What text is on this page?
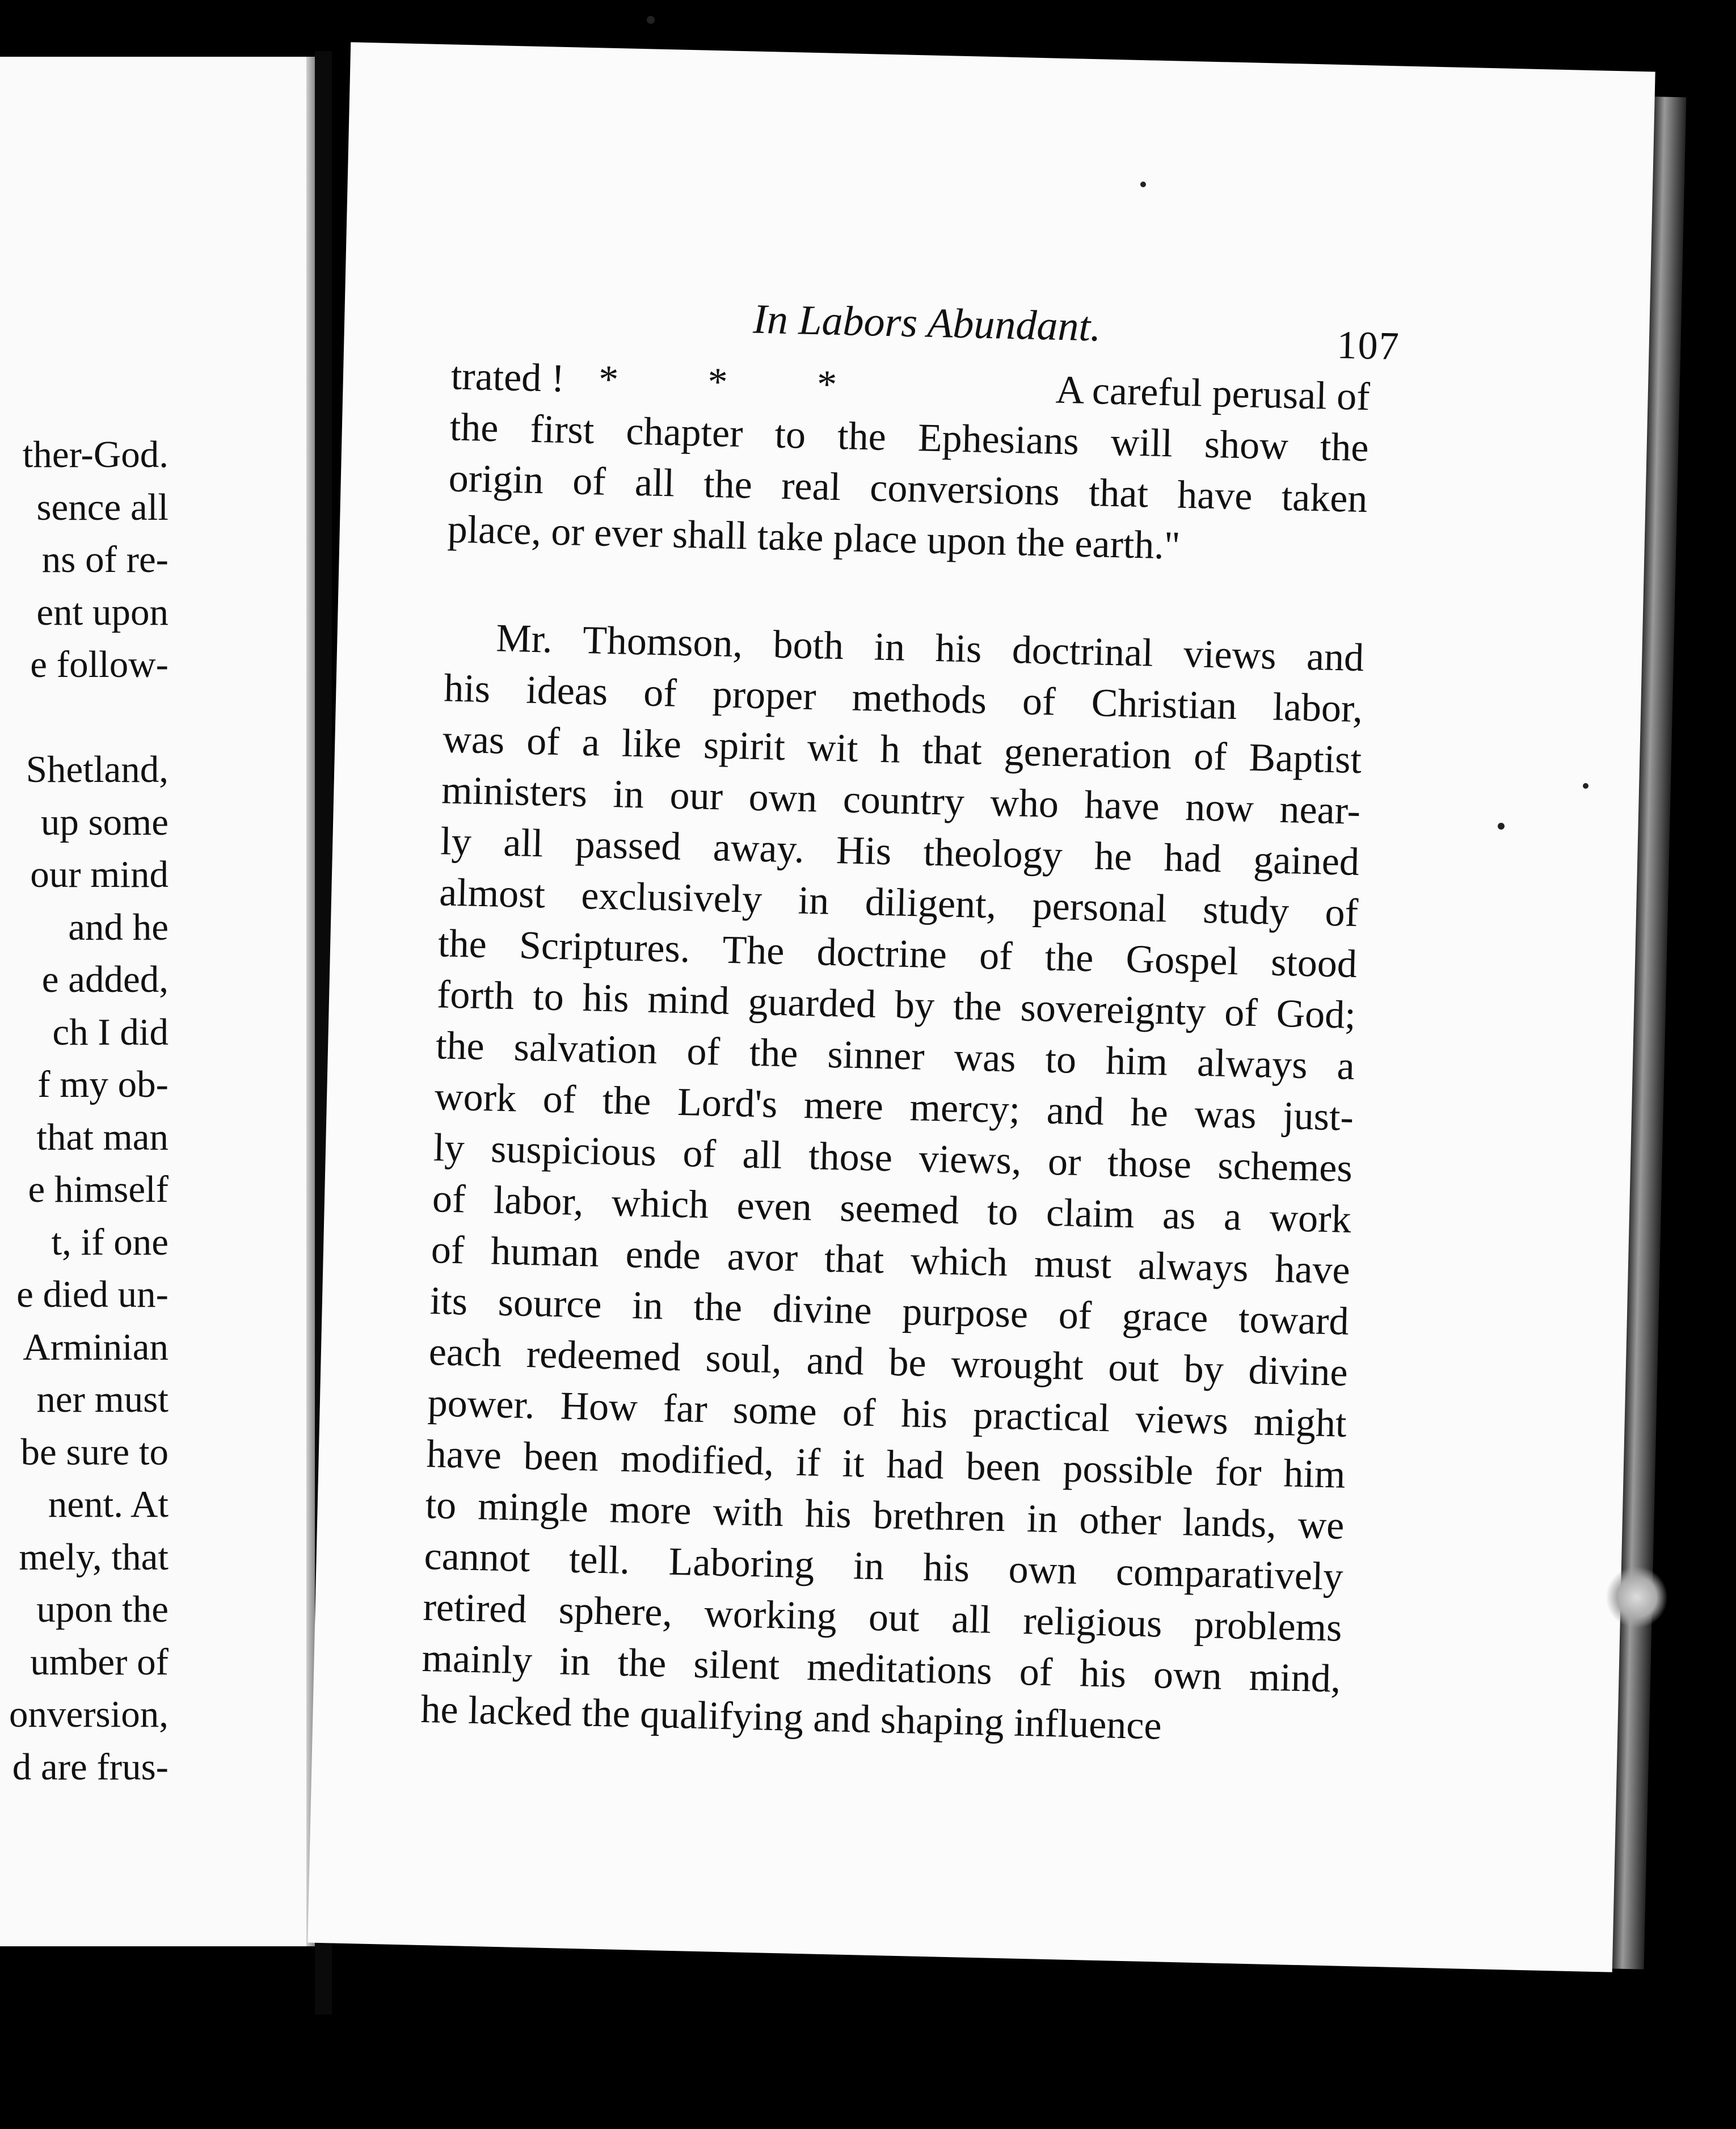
ther-God.
sence all
ns of re-
ent upon
e follow-
Shetland,
up some
our mind
and he
e added,
ch I did
f my ob-
that man
e himself
t, if one
e died un-
Arminian
ner must
be sure to
nent. At
mely, that
upon the
umber of
onversion,
d are frus-
In Labors Abundant.	107
trated ! * * *	A careful perusal of
the first chapter to the Ephesians will show the
origin of all the real conversions that have taken
place, or ever shall take place upon the earth."
Mr. Thomson, both in his doctrinal views and
his ideas of proper methods of Christian labor,
was of a like spirit wit h that generation of Baptist
ministers in our own country who have now near-
ly all passed away. His theology he had gained
almost exclusively in diligent, personal study of
the Scriptures. The doctrine of the Gospel stood
forth to his mind guarded by the sovereignty of God;
the salvation of the sinner was to him always a
work of the Lord's mere mercy; and he was just-
ly suspicious of all those views, or those schemes
of labor, which even seemed to claim as a work
of human ende avor that which must always have
its source in the divine purpose of grace toward
each redeemed soul, and be wrought out by divine
power. How far some of his practical views might
have been modified, if it had been possible for him
to mingle more with his brethren in other lands, we
cannot tell. Laboring in his own comparatively
retired sphere, working out all religious problems
mainly in the silent meditations of his own mind,
he lacked the qualifying and shaping influence
